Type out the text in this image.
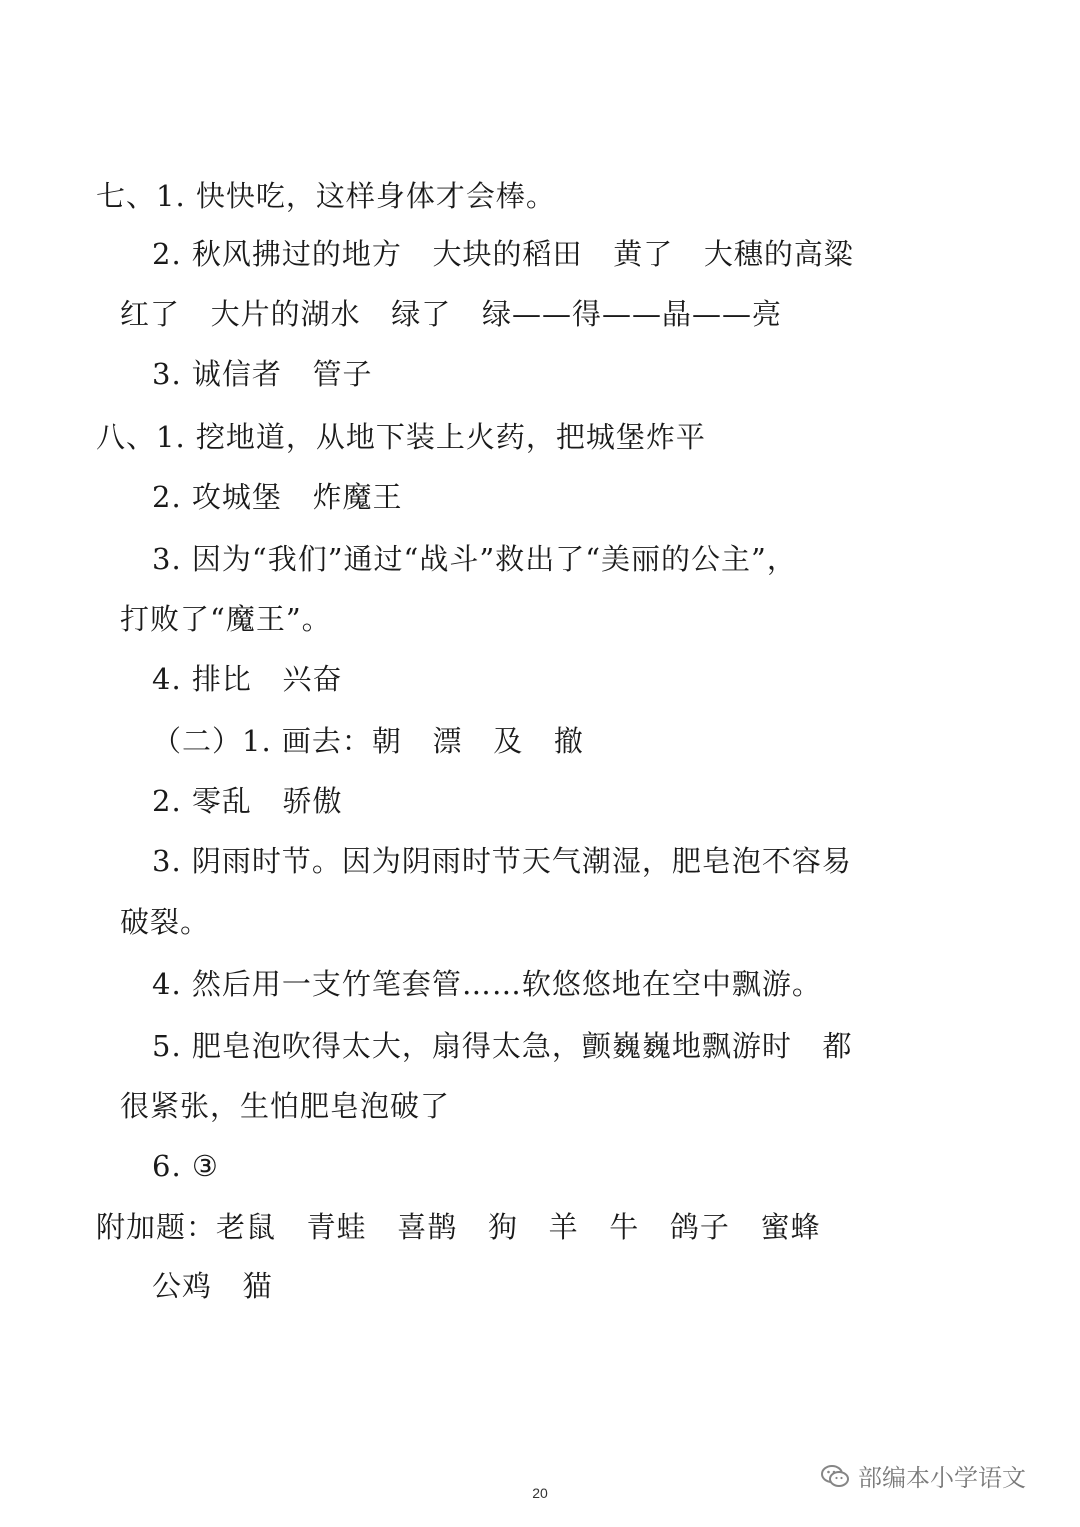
七、1. 快快吃，这样身体才会棒。
2. 秋风拂过的地方   大块的稻田   黄了   大穗的高粱
红了   大片的湖水   绿了   绿——得——晶——亮
3. 诚信者   管子
八、1. 挖地道，从地下装上火药，把城堡炸平
2. 攻城堡   炸魔王
3. 因为“我们”通过“战斗”救出了“美丽的公主”，
打败了“魔王”。
4. 排比   兴奋
（二）1. 画去：朝   漂   及   撤
2. 零乱   骄傲
3. 阴雨时节。因为阴雨时节天气潮湿，肥皂泡不容易
破裂。
4. 然后用一支竹笔套管……软悠悠地在空中飘游。
5. 肥皂泡吹得太大，扇得太急，颤巍巍地飘游时   都
很紧张，生怕肥皂泡破了
6. ③
附加题：老鼠   青蛙   喜鹊   狗   羊   牛   鸽子   蜜蜂
公鸡   猫
20
部编本小学语文
